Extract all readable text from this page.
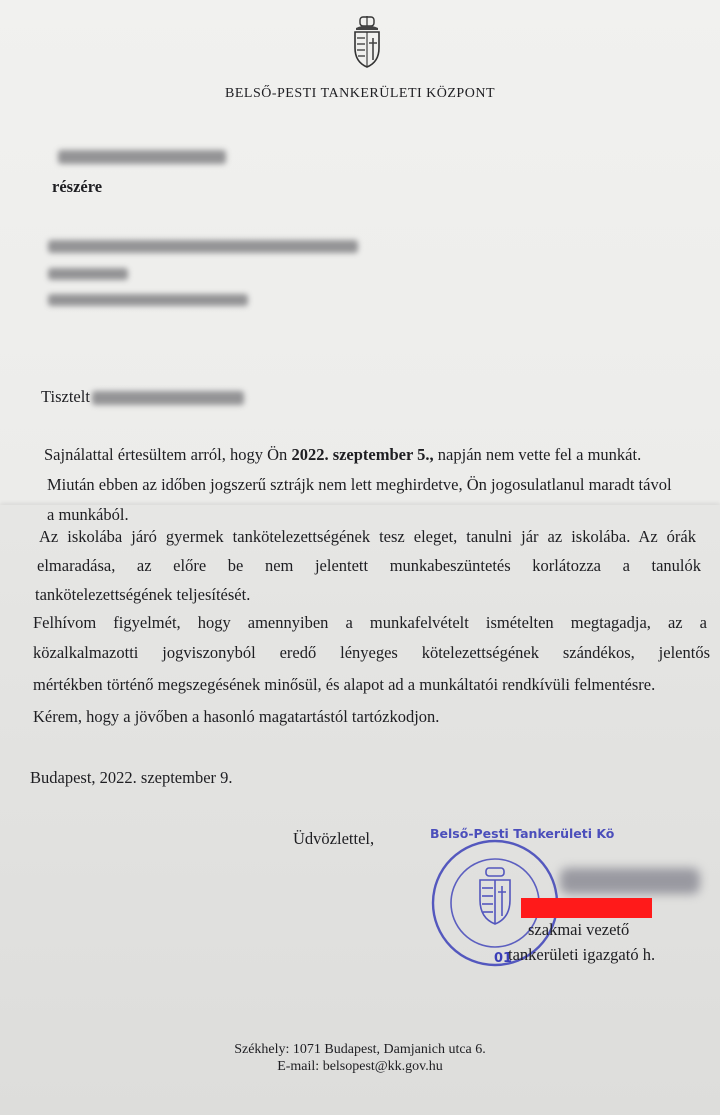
BELSŐ-PESTI TANKERÜLETI KÖZPONT
részére
Tisztelt
Sajnálattal értesültem arról, hogy Ön 2022. szeptember 5., napján nem vette fel a munkát.
Miután ebben az időben jogszerű sztrájk nem lett meghirdetve, Ön jogosulatlanul maradt távol
a munkából.
Az iskolába járó gyermek tankötelezettségének tesz eleget, tanulni jár az iskolába. Az órák
elmaradása, az előre be nem jelentett munkabeszüntetés korlátozza a tanulók
tankötelezettségének teljesítését.
Felhívom figyelmét, hogy amennyiben a munkafelvételt ismételten megtagadja, az a
közalkalmazotti jogviszonyból eredő lényeges kötelezettségének szándékos, jelentős
mértékben történő megszegésének minősül, és alapot ad a munkáltatói rendkívüli felmentésre.
Kérem, hogy a jövőben a hasonló magatartástól tartózkodjon.
Budapest, 2022. szeptember 9.
Üdvözlettel,	Belső-Pesti Tankerületi Kö
01
szakmai vezető
tankerületi igazgató h.
Székhely: 1071 Budapest, Damjanich utca 6.
E-mail: belsopest@kk.gov.hu
